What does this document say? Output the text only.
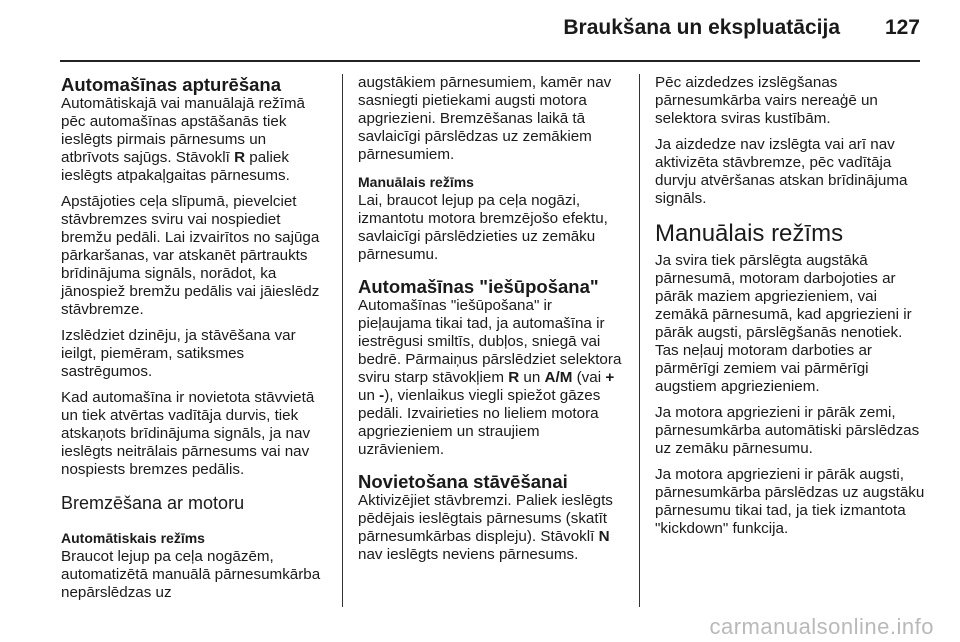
Braukšana un ekspluatācija 127
Automašīnas apturēšana

Automātiskajā vai manuālajā režīmā pēc automašīnas apstāšanās tiek ieslēgts pirmais pārnesums un atbrīvots sajūgs. Stāvoklī R paliek ieslēgts atpakaļgaitas pārnesums.

Apstājoties ceļa slīpumā, pievelciet stāvbremzes sviru vai nospiediet bremžu pedāli. Lai izvairītos no sajūga pārkaršanas, var atskanēt pārtraukts brīdinājuma signāls, norādot, ka jānospiež bremžu pedālis vai jāieslēdz stāvbremze.

Izslēdziet dzinēju, ja stāvēšana var ieilgt, piemēram, satiksmes sastrēgumos.

Kad automašīna ir novietota stāvvietā un tiek atvērtas vadītāja durvis, tiek atskaņots brīdinājuma signāls, ja nav ieslēgts neitrālais pārnesums vai nav nospiests bremzes pedālis.

Bremzēšana ar motoru
Automātiskais režīms

Braucot lejup pa ceļa nogāzēm, automatizētā manuālā pārnesumkārba nepārslēdzas uz

augstākiem pārnesumiem, kamēr nav sasniegti pietiekami augsti motora apgriezieni. Bremzēšanas laikā tā savlaicīgi pārslēdzas uz zemākiem pārnesumiem.

Manuālais režīms

Lai, braucot lejup pa ceļa nogāzi, izmantotu motora bremzējošo efektu, savlaicīgi pārslēdzieties uz zemāku pārnesumu.

Automašīnas "iešūpošana"

Automašīnas "iešūpošana" ir pieļaujama tikai tad, ja automašīna ir iestrēgusi smiltīs, dubļos, sniegā vai bedrē. Pārmaiņus pārslēdziet selektora sviru starp stāvokļiem R un A/M (vai + un -), vienlaikus viegli spiežot gāzes pedāli. Izvairieties no lieliem motora apgriezieniem un straujiem uzrāvieniem.

Novietošana stāvēšanai

Aktivizējiet stāvbremzi. Paliek ieslēgts pēdējais ieslēgtais pārnesums (skatīt pārnesumkārbas displeju). Stāvoklī N nav ieslēgts neviens pārnesums.

Pēc aizdedzes izslēgšanas pārnesumkārba vairs nereaģē un selektora sviras kustībām.

Ja aizdedze nav izslēgta vai arī nav aktivizēta stāvbremze, pēc vadītāja durvju atvēršanas atskan brīdinājuma signāls.

Manuālais režīms

Ja svira tiek pārslēgta augstākā pārnesumā, motoram darbojoties ar pārāk maziem apgriezieniem, vai zemākā pārnesumā, kad apgriezieni ir pārāk augsti, pārslēgšanās nenotiek. Tas neļauj motoram darboties ar pārmērīgi zemiem vai pārmērīgi augstiem apgriezieniem.

Ja motora apgriezieni ir pārāk zemi, pārnesumkārba automātiski pārslēdzas uz zemāku pārnesumu.

Ja motora apgriezieni ir pārāk augsti, pārnesumkārba pārslēdzas uz augstāku pārnesumu tikai tad, ja tiek izmantota "kickdown" funkcija.

carmanualsonline.info
